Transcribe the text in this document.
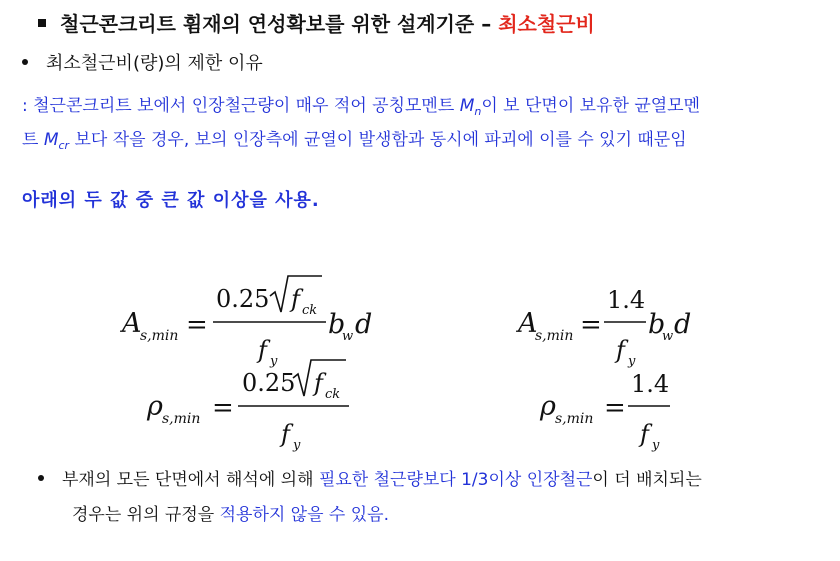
철근콘크리트 휨재의 연성확보를 위한 설계기준 – 최소철근비
최소철근비(량)의 제한 이유
: 철근콘크리트 보에서 인장철근량이 매우 적어 공칭모멘트 $M_n$이 보 단면이 보유한 균열모멘
트 $M_{cr}$ 보다 작을 경우, 보의 인장측에 균열이 발생함과 동시에 파괴에 이를 수 있기 때문임
아래의 두 값 중 큰 값 이상을 사용.
A
s,min =
0.25 f ck
f y
b
w d
ρ s,min =
0.25 f ck
f y
A
s,min =
1.4
f y
b
w d
ρ s,min =
1.4
f y
부재의 모든 단면에서 해석에 의해 필요한 철근량보다 1/3이상 인장철근이 더 배치되는
경우는 위의 규정을 적용하지 않을 수 있음.
